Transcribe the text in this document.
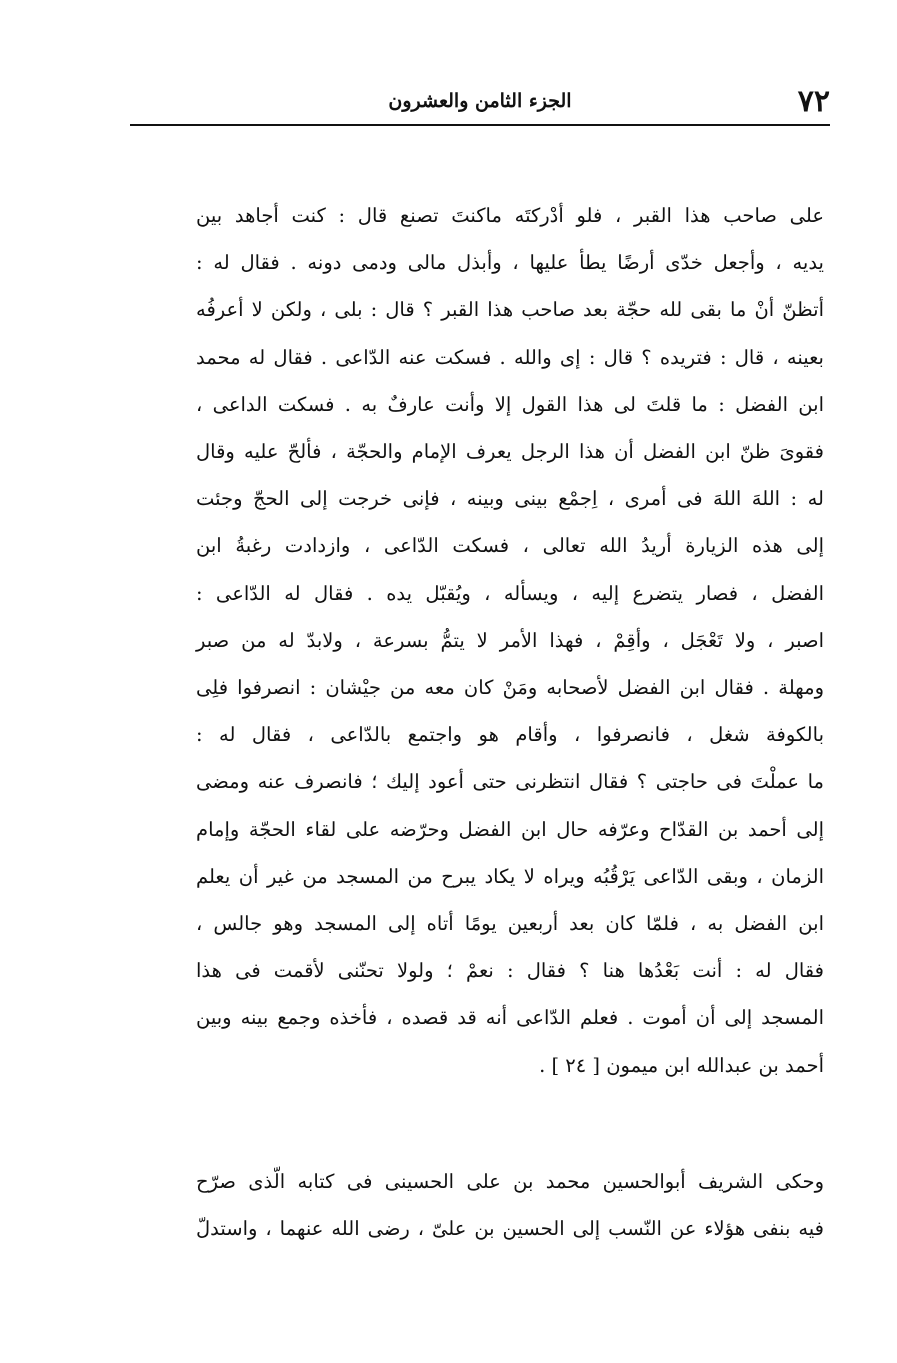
٧٢
الجزء الثامن والعشرون
على صاحب هذا القبر ، فلو أدْركتَه ماكنتَ تصنع قال : كنت أجاهد بين
يديه ، وأجعل خدّى أرضًا يطأ عليها ، وأبذل مالى ودمى دونه . فقال له :
أتظنّ أنْ ما بقى لله حجّة بعد صاحب هذا القبر ؟ قال : بلى ، ولكن لا أعرفُه
بعينه ، قال : فتريده ؟ قال : إى والله . فسكت عنه الدّاعى . فقال له محمد
ابن الفضل : ما قلتَ لى هذا القول إلا وأنت عارفٌ به . فسكت الداعى ،
فقوىَ ظنّ ابن الفضل أن هذا الرجل يعرف الإمام والحجّة ، فألحّ عليه وقال
له : اللهَ اللهَ فى أمرى ، اِجمْع بينى وبينه ، فإنى خرجت إلى الحجّ وجئت
إلى هذه الزيارة أريدُ الله تعالى ، فسكت الدّاعى ، وازدادت رغبةُ ابن
الفضل ، فصار يتضرع إليه ، ويسأله ، ويُقبّل يده . فقال له الدّاعى :
اصبر ، ولا تَعْجَل ، وأقِمْ ، فهذا الأمر لا يتمُّ بسرعة ، ولابدّ له من صبر
ومهلة . فقال ابن الفضل لأصحابه ومَنْ كان معه من جيْشان : انصرفوا فلِى
بالكوفة شغل ، فانصرفوا ، وأقام هو واجتمع بالدّاعى ، فقال له :
ما عملْتَ فى حاجتى ؟ فقال انتظرنى حتى أعود إليك ؛ فانصرف عنه ومضى
إلى أحمد بن القدّاح وعرّفه حال ابن الفضل وحرّضه على لقاء الحجّة وإمام
الزمان ، وبقى الدّاعى يَرْقُبُه ويراه لا يكاد يبرح من المسجد من غير أن يعلم
ابن الفضل به ، فلمّا كان بعد أربعين يومًا أتاه إلى المسجد وهو جالس ،
فقال له : أنت بَعْدُها هنا ؟ فقال : نعمْ ؛ ولولا تحنّنى لأقمت فى هذا
المسجد إلى أن أموت . فعلم الدّاعى أنه قد قصده ، فأخذه وجمع بينه وبين
أحمد بن عبدالله ابن ميمون [ ٢٤ ] .
وحكى الشريف أبوالحسين محمد بن على الحسينى فى كتابه الّذى صرّح
فيه بنفى هؤلاء عن النّسب إلى الحسين بن علىّ ، رضى الله عنهما ، واستدلّ
